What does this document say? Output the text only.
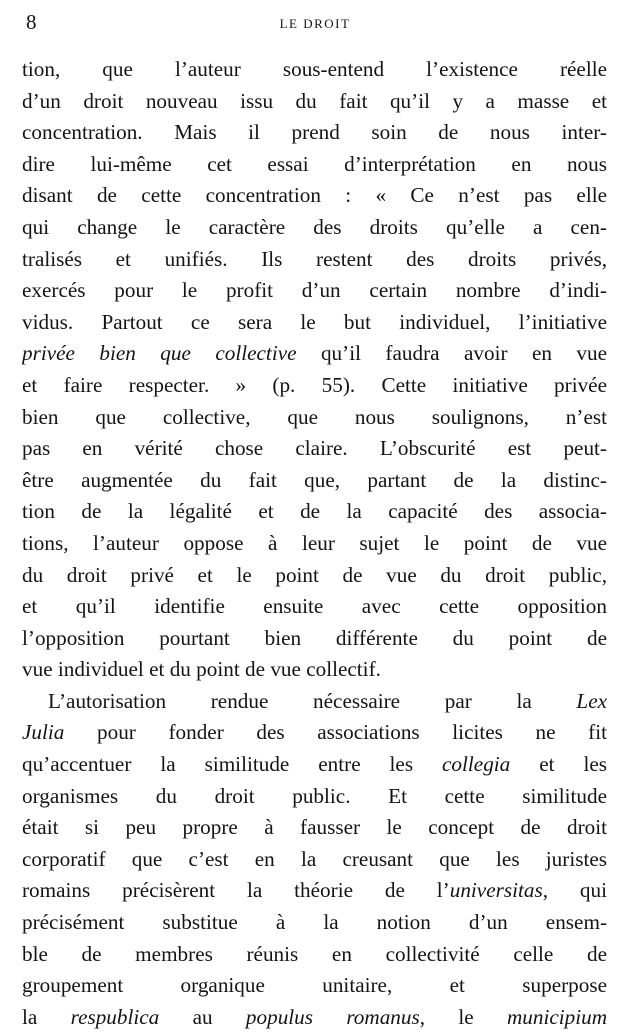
8	LE DROIT
tion, que l’auteur sous-entend l’existence réelle
d’un droit nouveau issu du fait qu’il y a masse et
concentration. Mais il prend soin de nous inter-
dire lui-même cet essai d’interprétation en nous
disant de cette concentration : « Ce n’est pas elle
qui change le caractère des droits qu’elle a cen-
tralisés et unifiés. Ils restent des droits privés,
exercés pour le profit d’un certain nombre d’indi-
vidus. Partout ce sera le but individuel, l’initiative
privée bien que collective qu’il faudra avoir en vue
et faire respecter. » (p. 55). Cette initiative privée
bien que collective, que nous soulignons, n’est
pas en vérité chose claire. L’obscurité est peut-
être augmentée du fait que, partant de la distinc-
tion de la légalité et de la capacité des associa-
tions, l’auteur oppose à leur sujet le point de vue
du droit privé et le point de vue du droit public,
et qu’il identifie ensuite avec cette opposition
l’opposition pourtant bien différente du point de
vue individuel et du point de vue collectif.
L’autorisation rendue nécessaire par la Lex
Julia pour fonder des associations licites ne fit
qu’accentuer la similitude entre les collegia et les
organismes du droit public. Et cette similitude
était si peu propre à fausser le concept de droit
corporatif que c’est en la creusant que les juristes
romains précisèrent la théorie de l’universitas, qui
précisément substitue à la notion d’un ensem-
ble de membres réunis en collectivité celle de
groupement organique unitaire, et superpose
la respublica au populus romanus, le municipium
